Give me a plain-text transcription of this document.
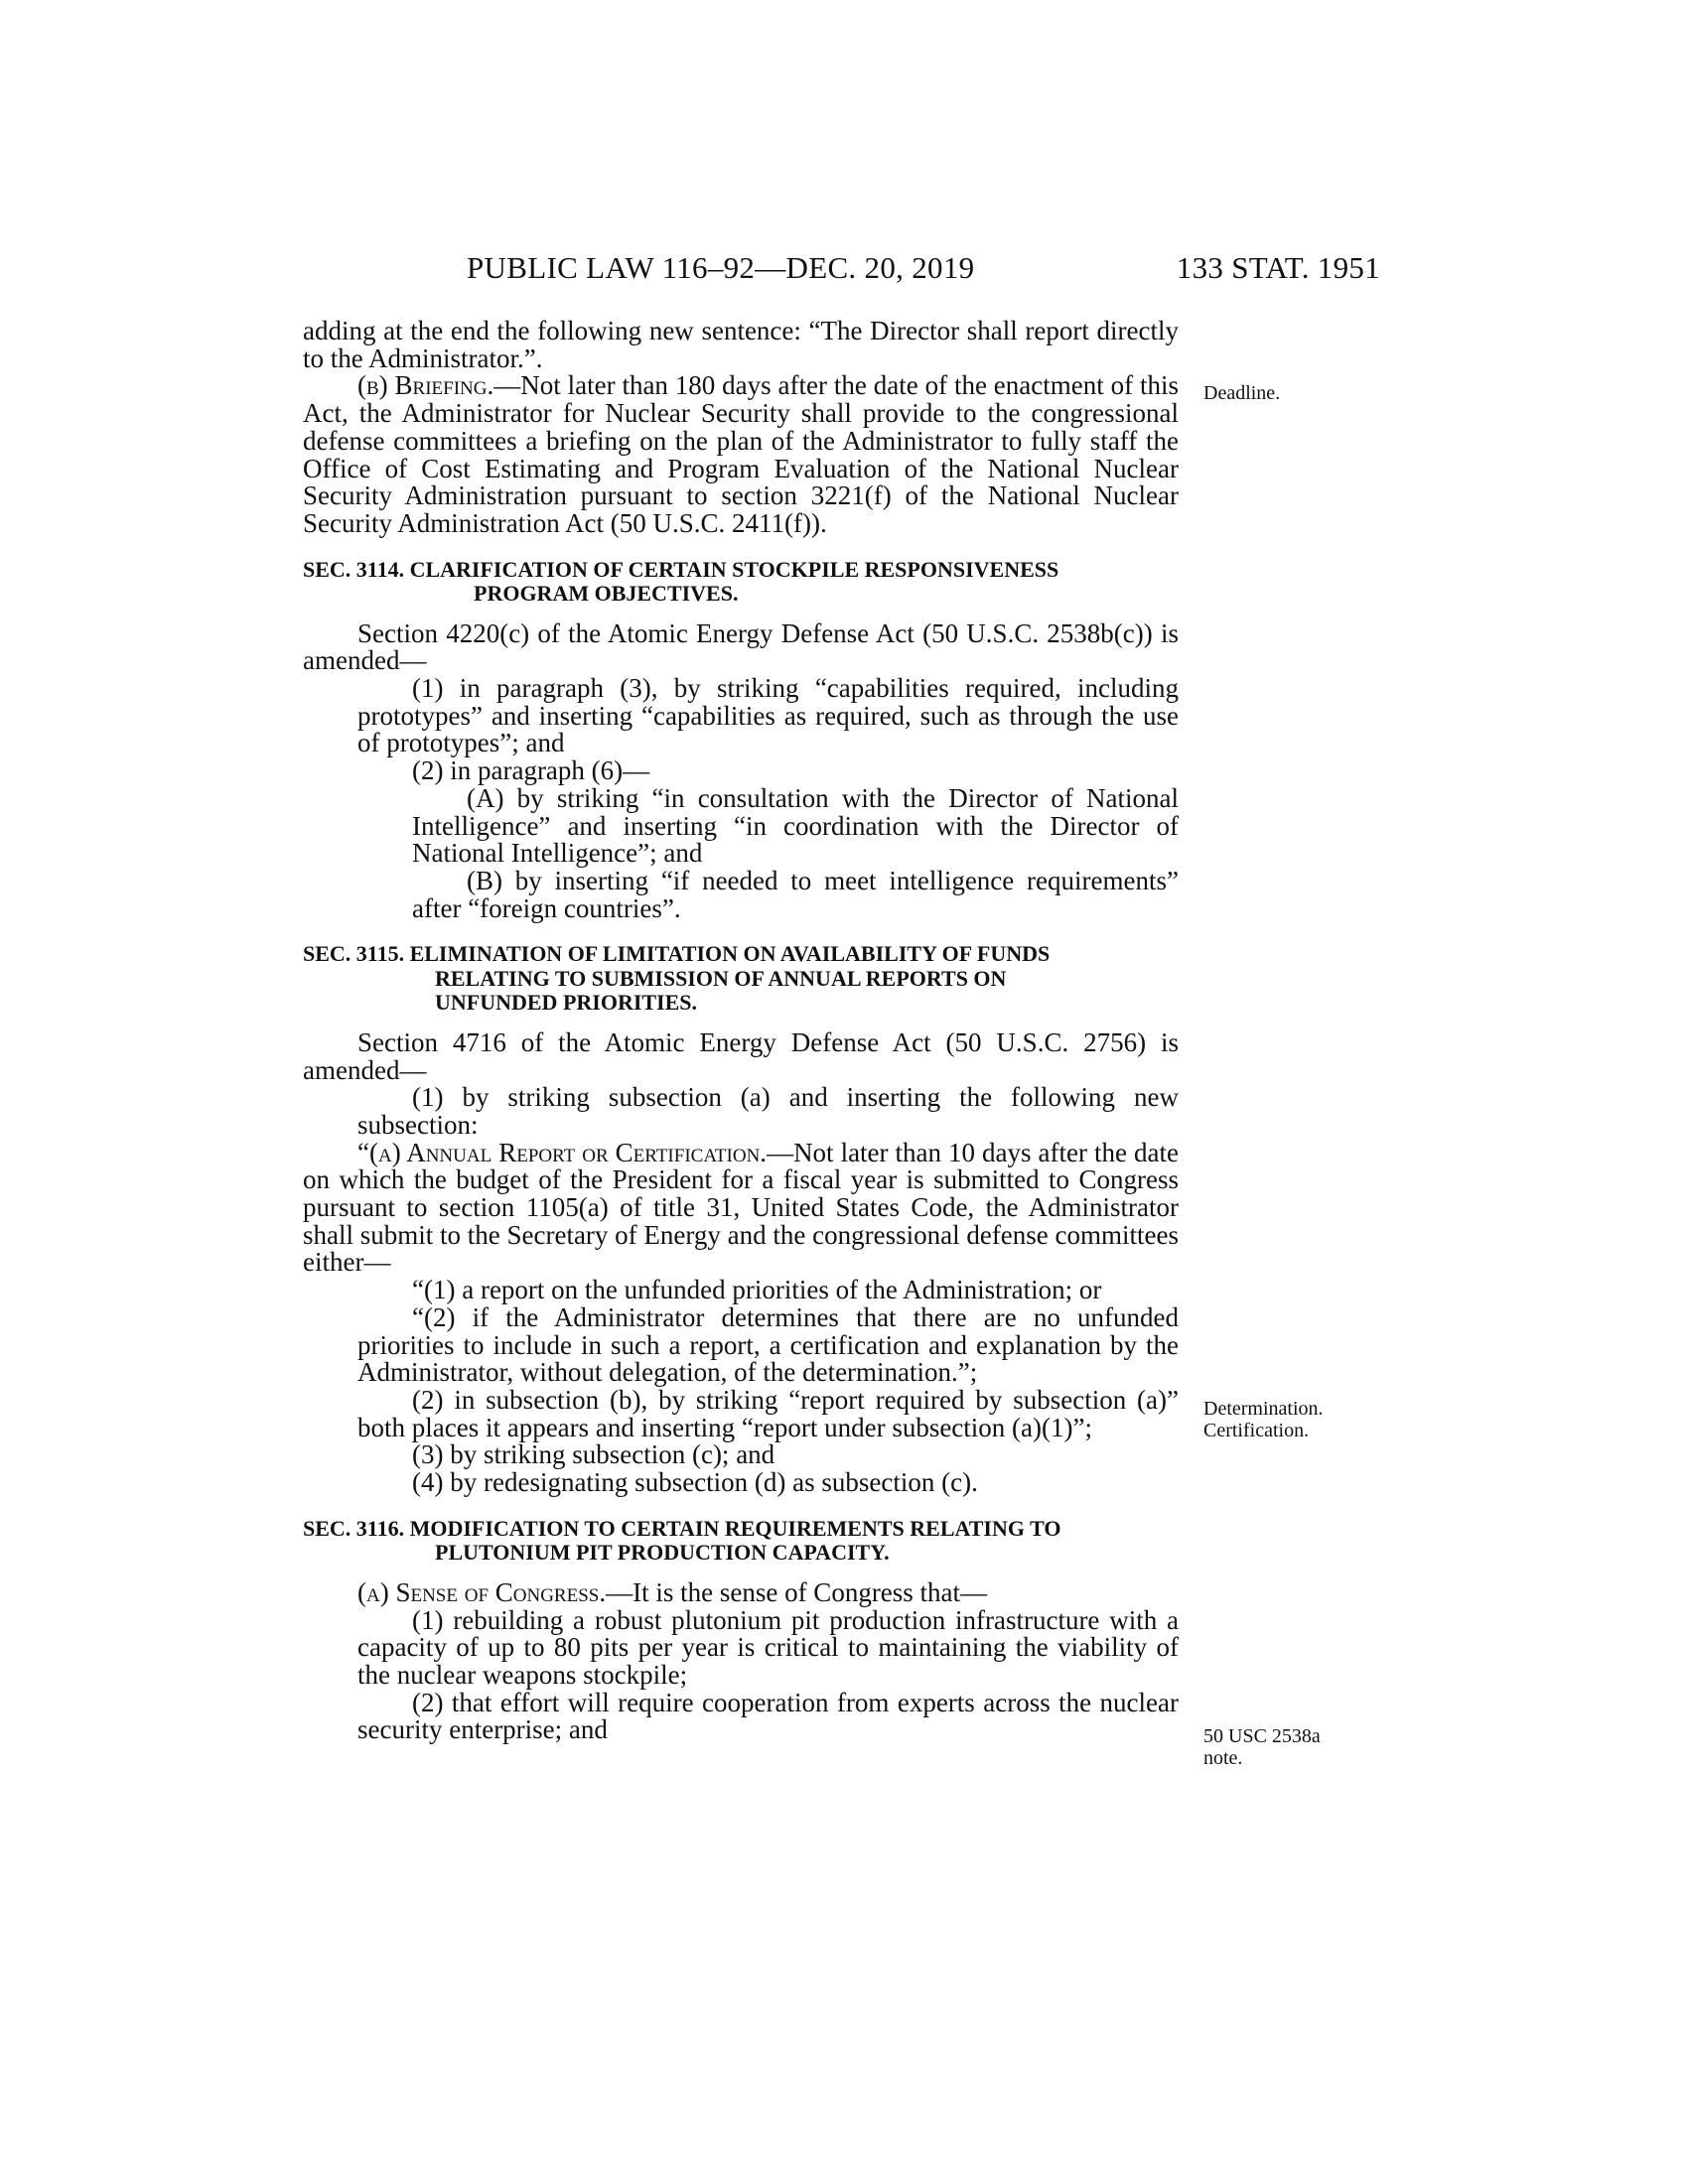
PUBLIC LAW 116–92—DEC. 20, 2019	133 STAT. 1951
Deadline.
Determination.
Certification.
50 USC 2538a
note.

adding at the end the following new sentence: “The Director shall report directly to the Administrator.”.

(b) Briefing.—Not later than 180 days after the date of the enactment of this Act, the Administrator for Nuclear Security shall provide to the congressional defense committees a briefing on the plan of the Administrator to fully staff the Office of Cost Estimating and Program Evaluation of the National Nuclear Security Administration pursuant to section 3221(f) of the National Nuclear Security Administration Act (50 U.S.C. 2411(f)).

SEC. 3114. CLARIFICATION OF CERTAIN STOCKPILE RESPONSIVENESS
PROGRAM OBJECTIVES.

Section 4220(c) of the Atomic Energy Defense Act (50 U.S.C. 2538b(c)) is amended—

(1) in paragraph (3), by striking “capabilities required, including prototypes” and inserting “capabilities as required, such as through the use of prototypes”; and

(2) in paragraph (6)—

(A) by striking “in consultation with the Director of National Intelligence” and inserting “in coordination with the Director of National Intelligence”; and

(B) by inserting “if needed to meet intelligence requirements” after “foreign countries”.

SEC. 3115. ELIMINATION OF LIMITATION ON AVAILABILITY OF FUNDS
RELATING TO SUBMISSION OF ANNUAL REPORTS ON
UNFUNDED PRIORITIES.

Section 4716 of the Atomic Energy Defense Act (50 U.S.C. 2756) is amended—

(1) by striking subsection (a) and inserting the following new subsection:

“(a) Annual Report or Certification.—Not later than 10 days after the date on which the budget of the President for a fiscal year is submitted to Congress pursuant to section 1105(a) of title 31, United States Code, the Administrator shall submit to the Secretary of Energy and the congressional defense committees either—

“(1) a report on the unfunded priorities of the Administration; or

“(2) if the Administrator determines that there are no unfunded priorities to include in such a report, a certification and explanation by the Administrator, without delegation, of the determination.”;

(2) in subsection (b), by striking “report required by subsection (a)” both places it appears and inserting “report under subsection (a)(1)”;

(3) by striking subsection (c); and

(4) by redesignating subsection (d) as subsection (c).

SEC. 3116. MODIFICATION TO CERTAIN REQUIREMENTS RELATING TO
PLUTONIUM PIT PRODUCTION CAPACITY.

(a) Sense of Congress.—It is the sense of Congress that—

(1) rebuilding a robust plutonium pit production infrastructure with a capacity of up to 80 pits per year is critical to maintaining the viability of the nuclear weapons stockpile;

(2) that effort will require cooperation from experts across the nuclear security enterprise; and
